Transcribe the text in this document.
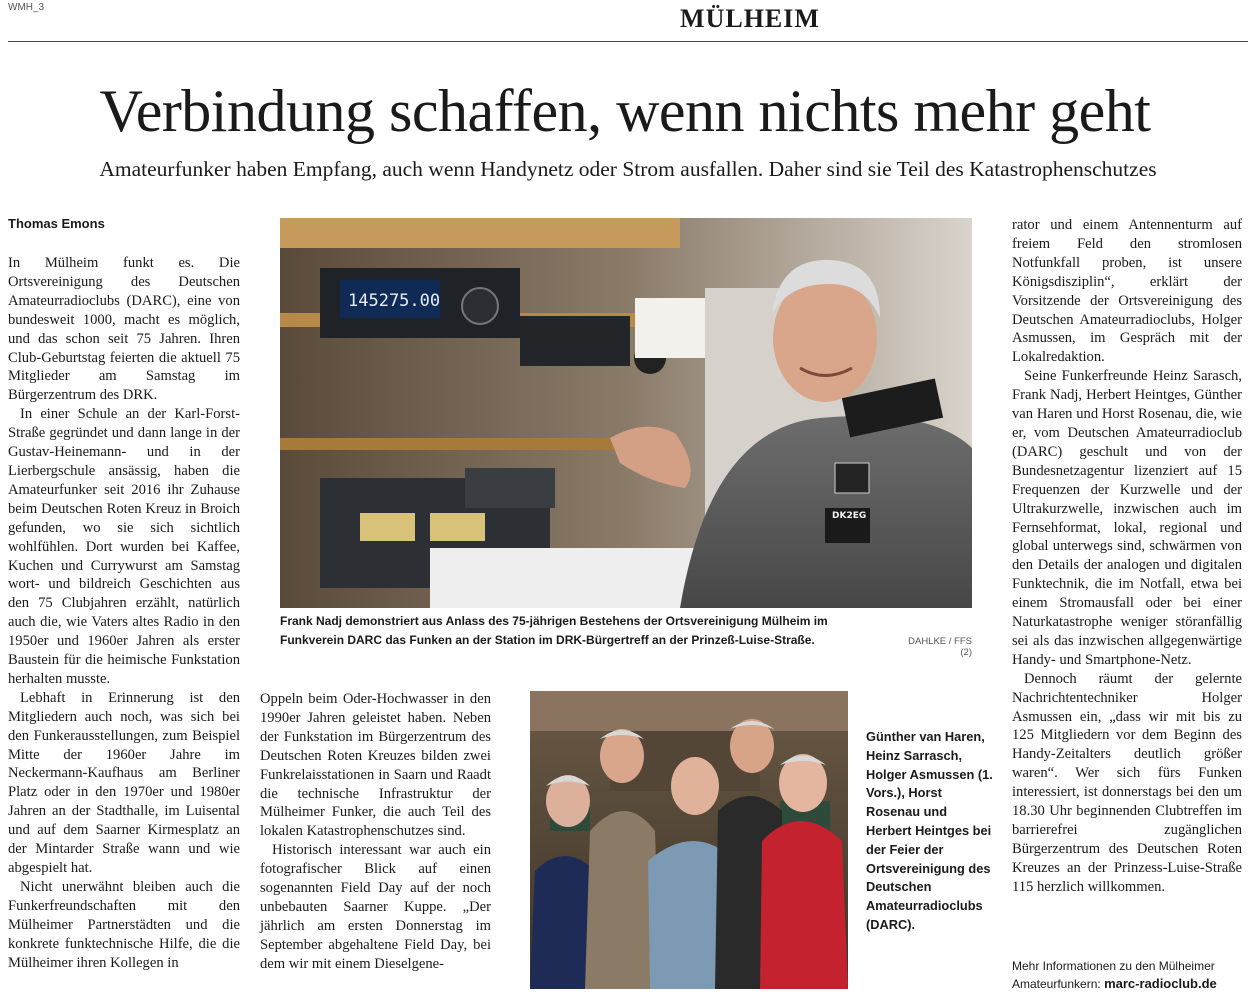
WMH_3	MÜLHEIM
Verbindung schaffen, wenn nichts mehr geht
Amateurfunker haben Empfang, auch wenn Handynetz oder Strom ausfallen. Daher sind sie Teil des Katastrophenschutzes
Thomas Emons

In Mülheim funkt es. Die Ortsvereinigung des Deutschen Amateurradioclubs (DARC), eine von bundesweit 1000, macht es möglich, und das schon seit 75 Jahren. Ihren Club-Geburtstag feierten die aktuell 75 Mitglieder am Samstag im Bürgerzentrum des DRK.

In einer Schule an der Karl-Forst-Straße gegründet und dann lange in der Gustav-Heinemann- und in der Lierbergschule ansässig, haben die Amateurfunker seit 2016 ihr Zuhause beim Deutschen Roten Kreuz in Broich gefunden, wo sie sich sichtlich wohlfühlen. Dort wurden bei Kaffee, Kuchen und Currywurst am Samstag wort- und bildreich Geschichten aus den 75 Clubjahren erzählt, natürlich auch die, wie Vaters altes Radio in den 1950er und 1960er Jahren als erster Baustein für die heimische Funkstation herhalten musste.

Lebhaft in Erinnerung ist den Mitgliedern auch noch, was sich bei den Funkerausstellungen, zum Beispiel Mitte der 1960er Jahre im Neckermann-Kaufhaus am Berliner Platz oder in den 1970er und 1980er Jahren an der Stadthalle, im Luisental und auf dem Saarner Kirmesplatz an der Mintarder Straße wann und wie abgespielt hat.

Nicht unerwähnt bleiben auch die Funkerfreundschaften mit den Mülheimer Partnerstädten und die konkrete funktechnische Hilfe, die die Mülheimer ihren Kollegen in

145275.00
DK2EG
Frank Nadj demonstriert aus Anlass des 75-jährigen Bestehens der Ortsvereinigung Mülheim im Funkverein DARC das Funken an der Station im DRK-Bürgertreff an der Prinzeß-Luise-Straße.	DAHLKE / FFS (2)

Oppeln beim Oder-Hochwasser in den 1990er Jahren geleistet haben. Neben der Funkstation im Bürgerzentrum des Deutschen Roten Kreuzes bilden zwei Funkrelaisstationen in Saarn und Raadt die technische Infrastruktur der Mülheimer Funker, die auch Teil des lokalen Katastrophenschutzes sind.

Historisch interessant war auch ein fotografischer Blick auf einen sogenannten Field Day auf der noch unbebauten Saarner Kuppe. „Der jährlich am ersten Donnerstag im September abgehaltene Field Day, bei dem wir mit einem Dieselgene-

Günther van Haren, Heinz Sarrasch, Holger Asmussen (1. Vors.), Horst Rosenau und Herbert Heintges bei der Feier der Ortsvereinigung des Deutschen Amateurradioclubs (DARC).

rator und einem Antennenturm auf freiem Feld den stromlosen Notfunkfall proben, ist unsere Königsdisziplin“, erklärt der Vorsitzende der Ortsvereinigung des Deutschen Amateurradioclubs, Holger Asmussen, im Gespräch mit der Lokalredaktion.

Seine Funkerfreunde Heinz Sarasch, Frank Nadj, Herbert Heintges, Günther van Haren und Horst Rosenau, die, wie er, vom Deutschen Amateurradioclub (DARC) geschult und von der Bundesnetzagentur lizenziert auf 15 Frequenzen der Kurzwelle und der Ultrakurzwelle, inzwischen auch im Fernsehformat, lokal, regional und global unterwegs sind, schwärmen von den Details der analogen und digitalen Funktechnik, die im Notfall, etwa bei einem Stromausfall oder bei einer Naturkatastrophe weniger störanfällig sei als das inzwischen allgegenwärtige Handy- und Smartphone-Netz.

Dennoch räumt der gelernte Nachrichtentechniker Holger Asmussen ein, „dass wir mit bis zu 125 Mitgliedern vor dem Beginn des Handy-Zeitalters deutlich größer waren“. Wer sich fürs Funken interessiert, ist donnerstags bei den um 18.30 Uhr beginnenden Clubtreffen im barrierefrei zugänglichen Bürgerzentrum des Deutschen Roten Kreuzes an der Prinzess-Luise-Straße 115 herzlich willkommen.

Mehr Informationen zu den Mülheimer Amateurfunkern: marc-radioclub.de
